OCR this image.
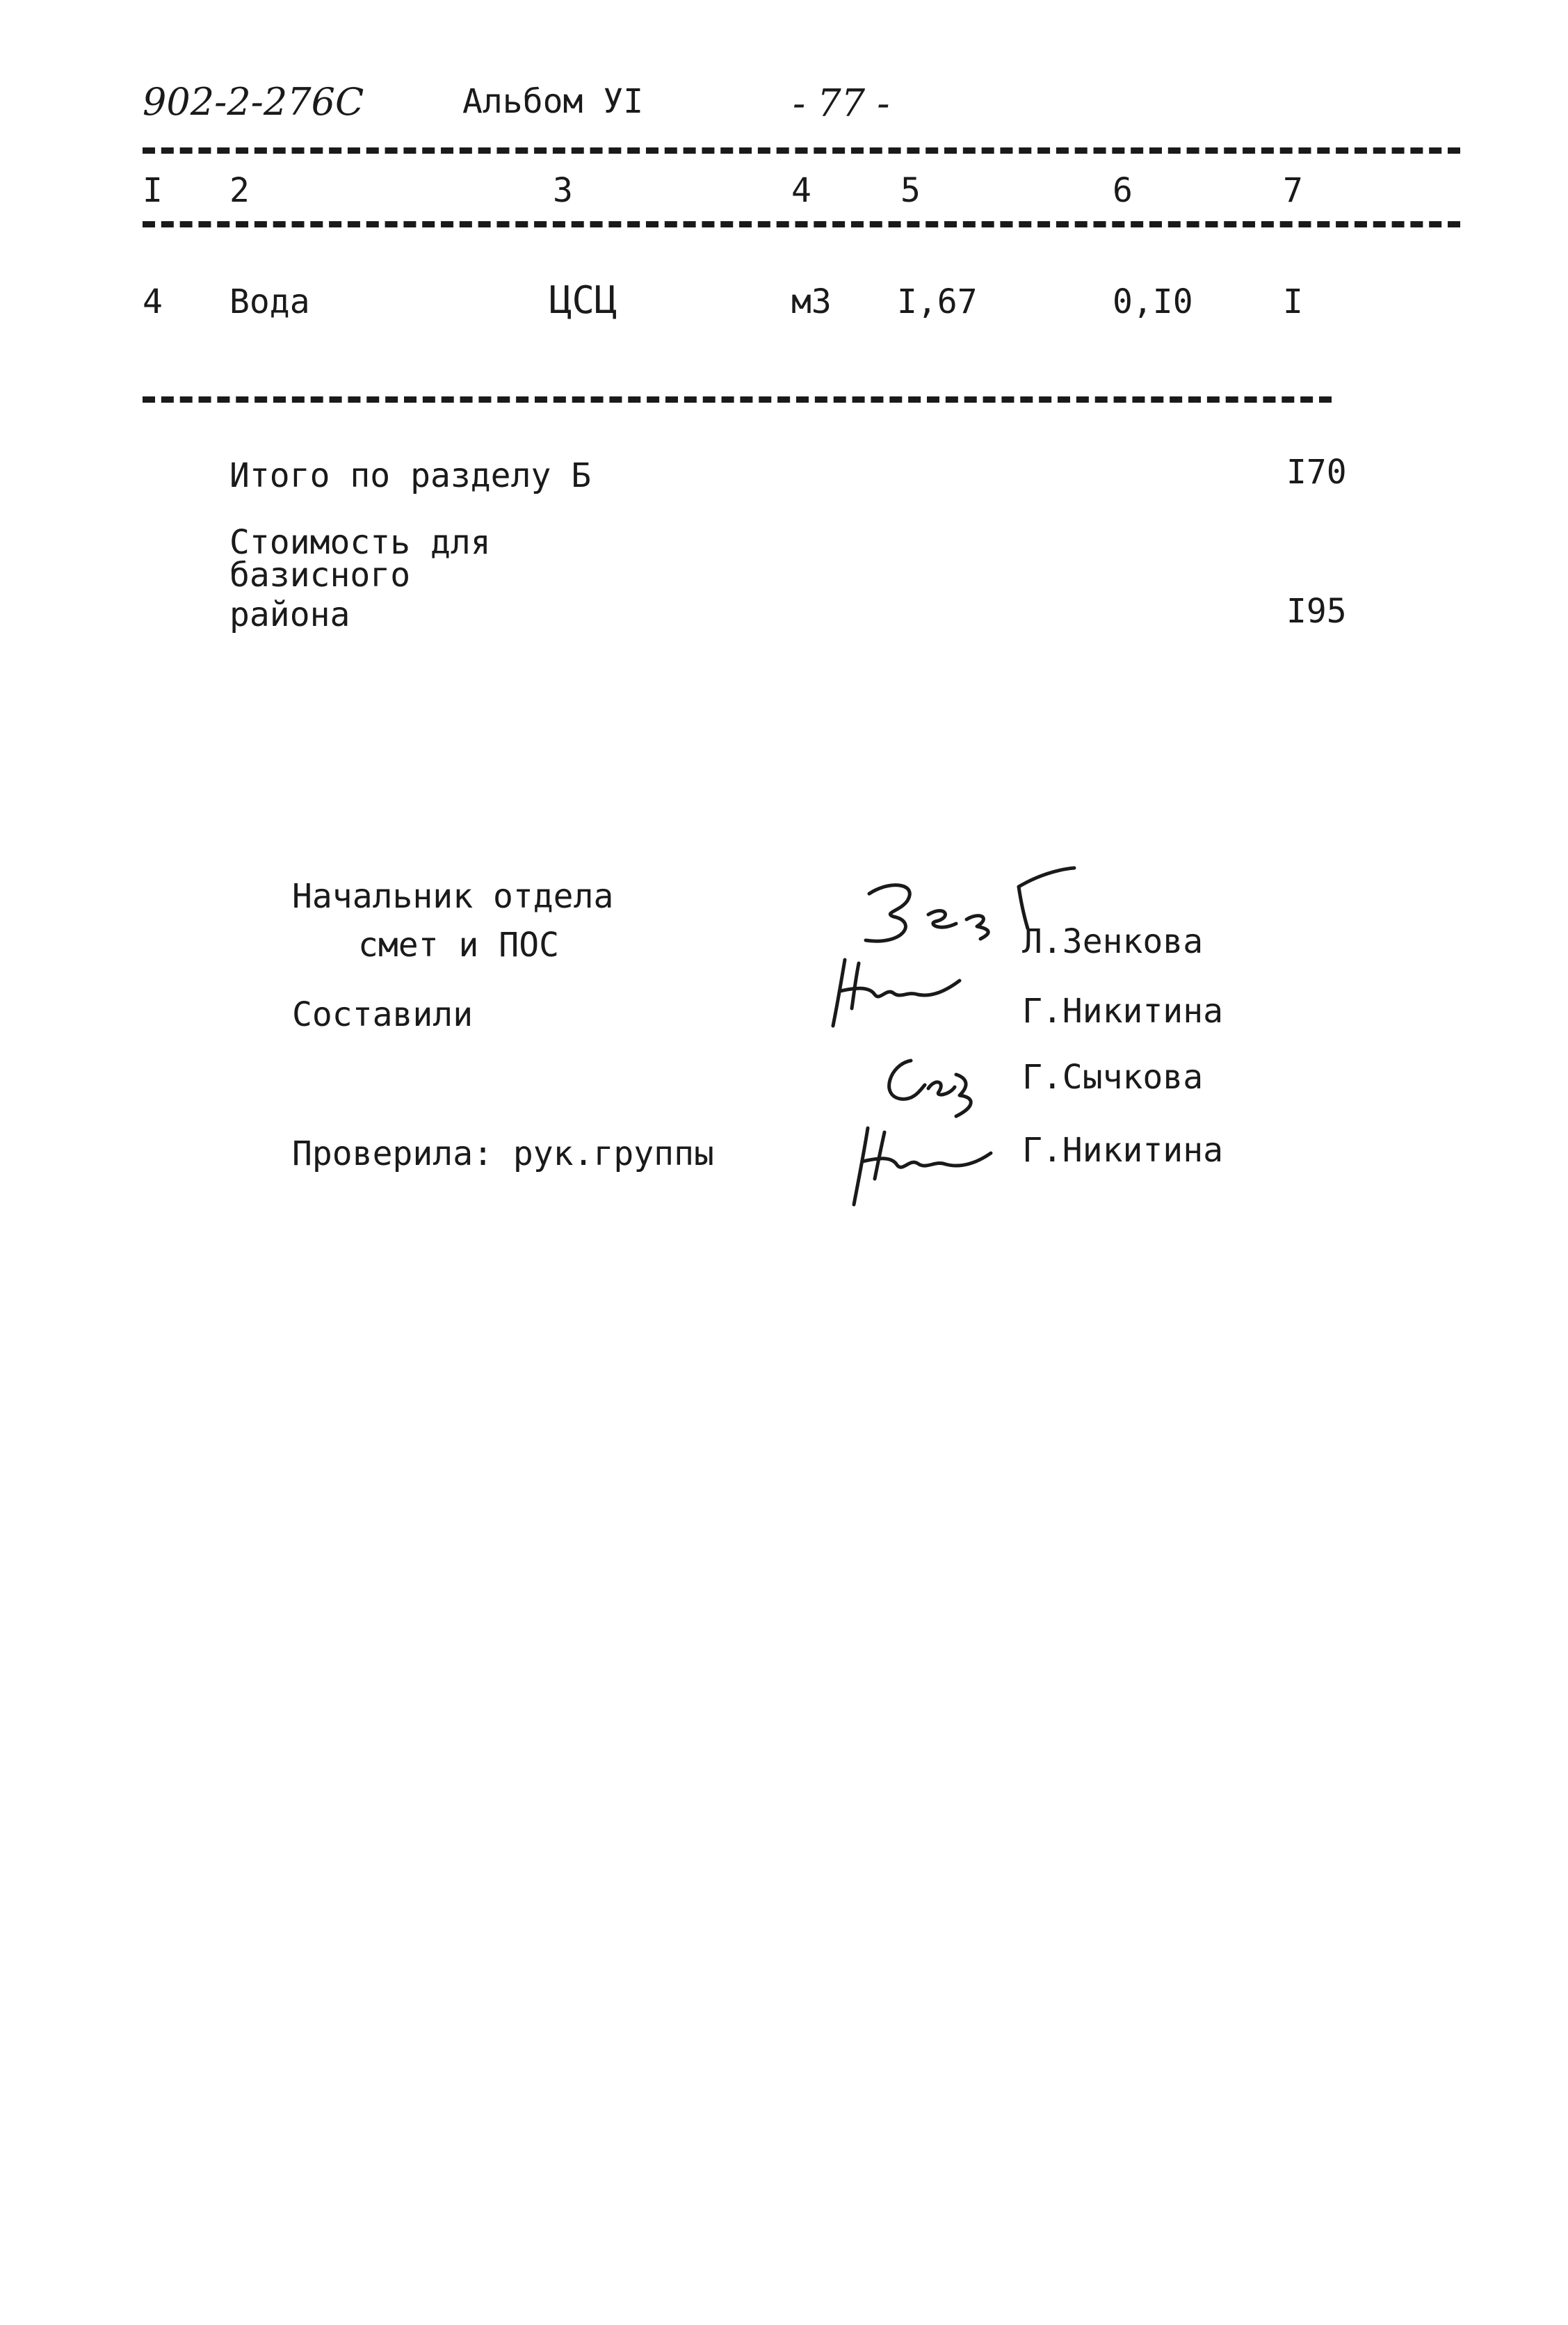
902-2-276С	Альбом УI	- 77 -
I 2	3	4	5	6	7
4 Вода	ЦСЦ	м3 I,67	0,I0	I
Итого по разделу Б	I70
Стоимость для
базисного
района	I95
Начальник отдела
смет и ПОС
Составили
Проверила: рук.группы
Л.Зенкова
Г.Никитина
Г.Сычкова
Г.Никитина
